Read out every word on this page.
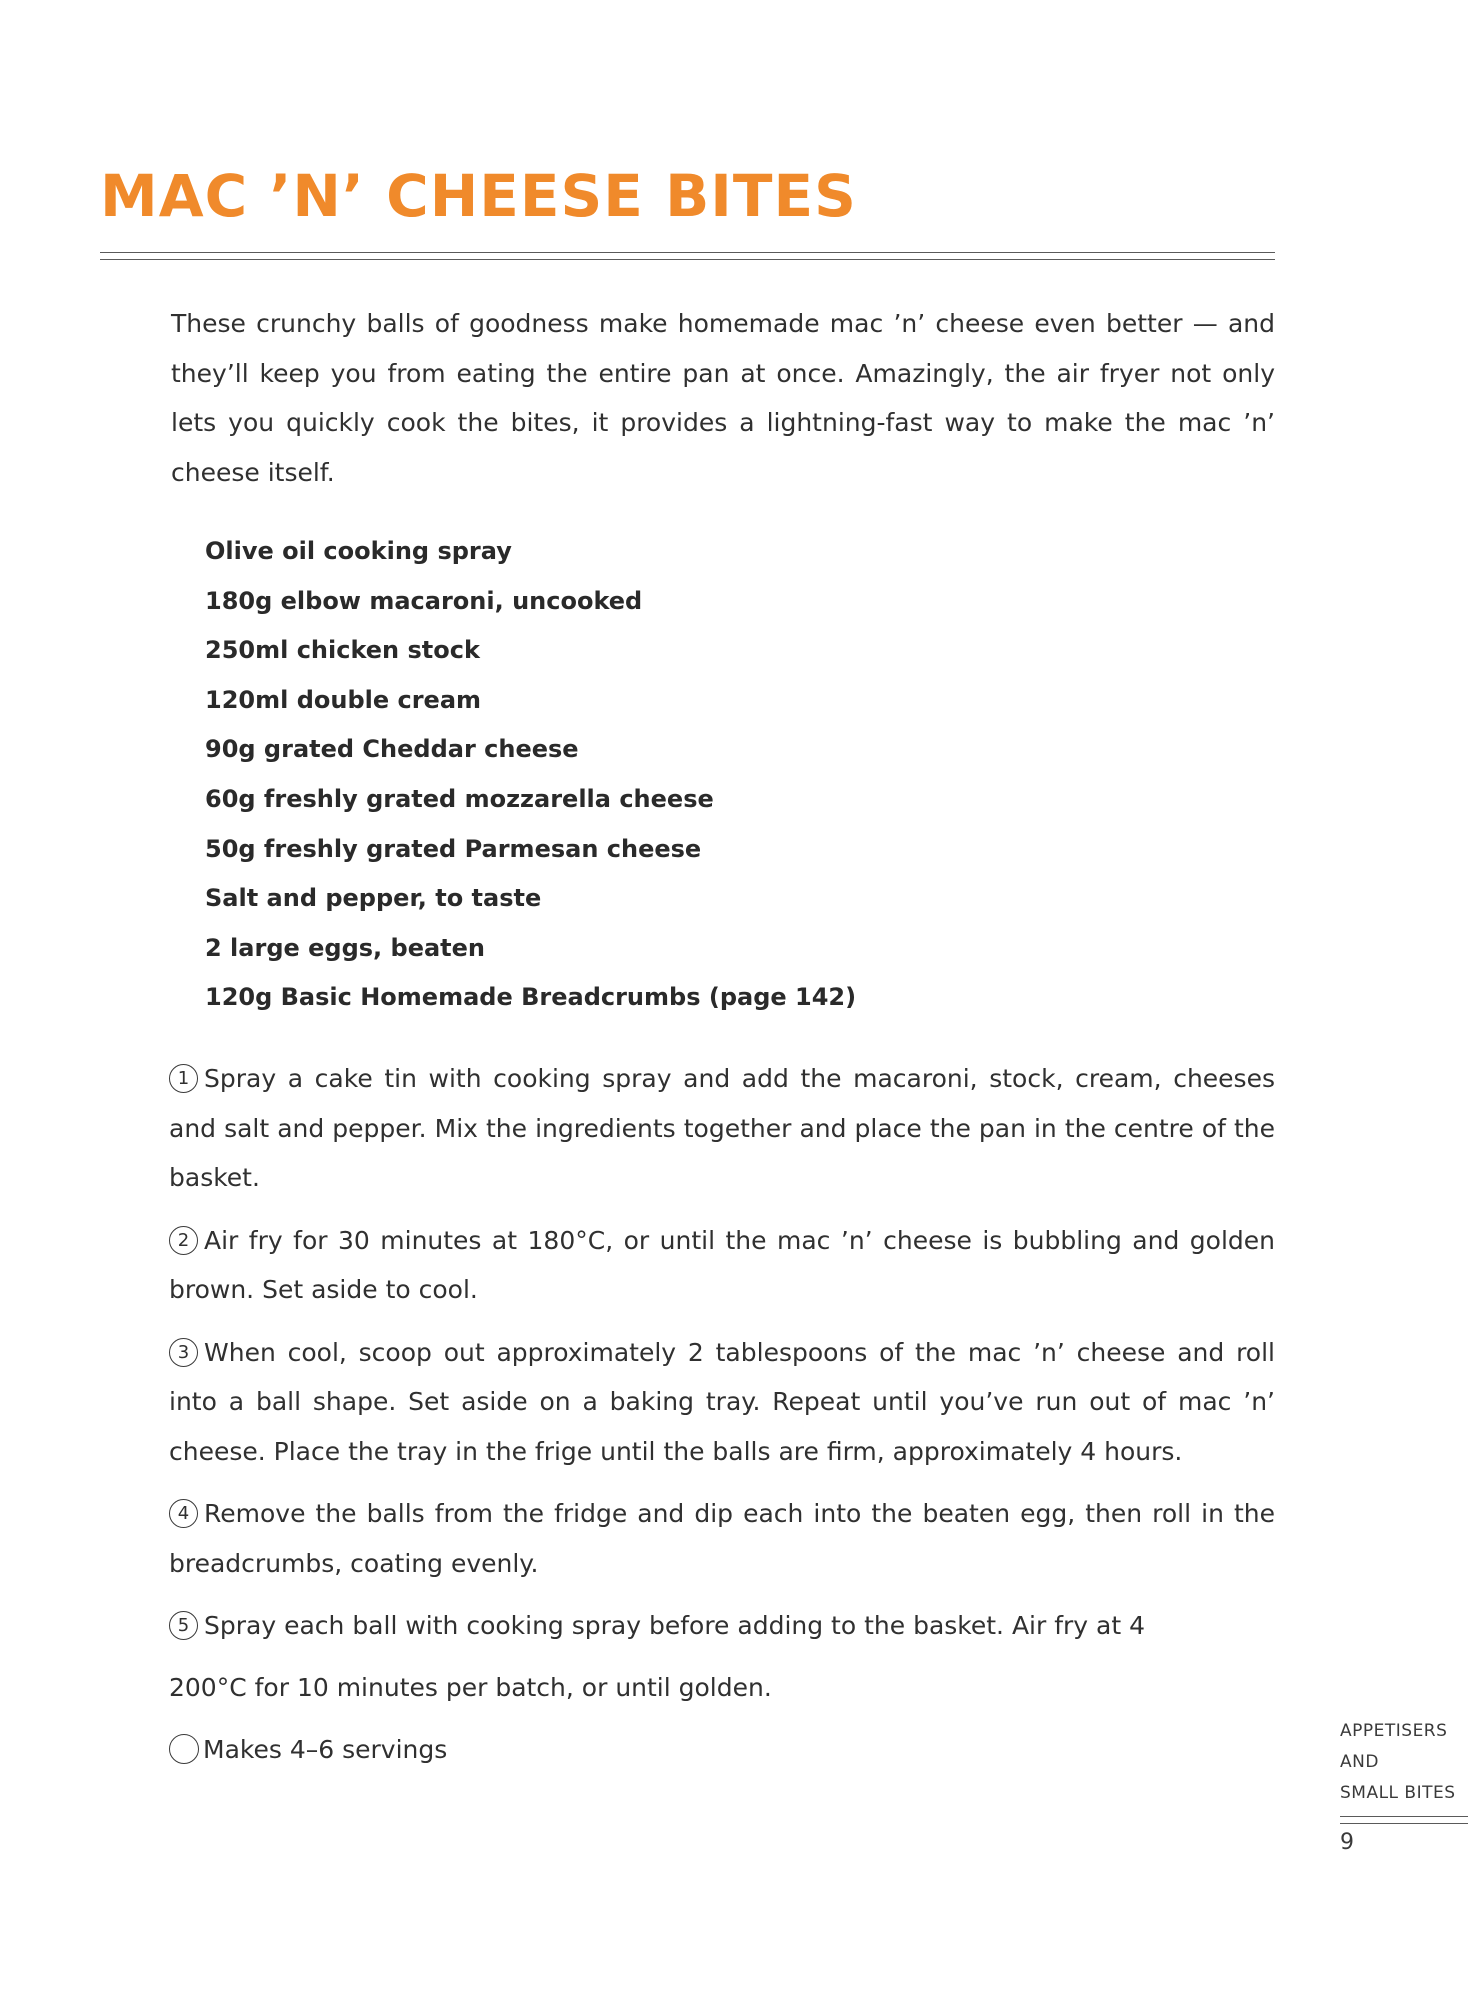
MAC ’N’ CHEESE BITES

These crunchy balls of goodness make homemade mac ’n’ cheese even better — and they’ll keep you from eating the entire pan at once. Amazingly, the air fryer not only lets you quickly cook the bites, it provides a lightning-fast way to make the mac ’n’ cheese itself.

Olive oil cooking spray
180g elbow macaroni, uncooked
250ml chicken stock
120ml double cream
90g grated Cheddar cheese
60g freshly grated mozzarella cheese
50g freshly grated Parmesan cheese
Salt and pepper, to taste
2 large eggs, beaten
120g Basic Homemade Breadcrumbs (page 142)

1 Spray a cake tin with cooking spray and add the macaroni, stock, cream, cheeses and salt and pepper. Mix the ingredients together and place the pan in the centre of the basket.

2 Air fry for 30 minutes at 180°C, or until the mac ’n’ cheese is bubbling and golden brown. Set aside to cool.

3 When cool, scoop out approximately 2 tablespoons of the mac ’n’ cheese and roll into a ball shape. Set aside on a baking tray. Repeat until you’ve run out of mac ’n’ cheese. Place the tray in the frige until the balls are firm, approximately 4 hours.

4 Remove the balls from the fridge and dip each into the beaten egg, then roll in the breadcrumbs, coating evenly.

5 Spray each ball with cooking spray before adding to the basket. Air fry at 4
200°C for 10 minutes per batch, or until golden.

Makes 4–6 servings

APPETISERS
AND
SMALL BITES
9
